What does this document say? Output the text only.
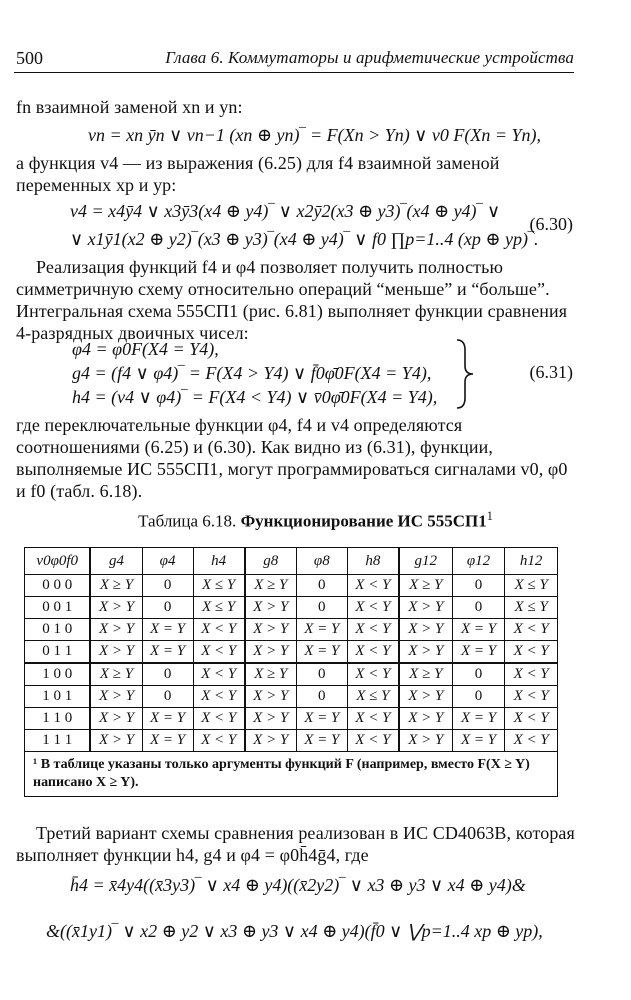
500	Глава 6. Коммутаторы и арифметические устройства
fn взаимной заменой xn и yn:
vn = xn ȳn ∨ vn−1 (xn ⊕ yn)‾ = F(Xn > Yn) ∨ v0 F(Xn = Yn),
а функция v4 — из выражения (6.25) для f4 взаимной заменой переменных xp и yp:
v4 = x4ȳ4 ∨ x3ȳ3(x4 ⊕ y4)‾ ∨ x2ȳ2(x3 ⊕ y3)‾(x4 ⊕ y4)‾ ∨
∨ x1ȳ1(x2 ⊕ y2)‾(x3 ⊕ y3)‾(x4 ⊕ y4)‾ ∨ f0 ∏p=1..4 (xp ⊕ yp)‾.
(6.30)
Реализация функций f4 и φ4 позволяет получить полностью симметричную схему относительно операций “меньше” и “больше”. Интегральная схема 555СП1 (рис. 6.81) выполняет функции сравнения 4-разрядных двоичных чисел:
φ4 = φ0F(X4 = Y4),
g4 = (f4 ∨ φ4)‾ = F(X4 > Y4) ∨ f̄0φ̄0F(X4 = Y4),
h4 = (v4 ∨ φ4)‾ = F(X4 < Y4) ∨ v̄0φ̄0F(X4 = Y4),
(6.31)
где переключательные функции φ4, f4 и v4 определяются соотношениями (6.25) и (6.30). Как видно из (6.31), функции, выполняемые ИС 555СП1, могут программироваться сигналами v0, φ0 и f0 (табл. 6.18).
Таблица 6.18. Функционирование ИС $555СП1^1$
v0φ0f0	g4	φ4	h4	g8	φ8	h8	g12	φ12	h12
0 0 0	X ≥ Y	0	X ≤ Y	X ≥ Y	0	X < Y	X ≥ Y	0	X ≤ Y
0 0 1	X > Y	0	X ≤ Y	X > Y	0	X < Y	X > Y	0	X ≤ Y
0 1 0	X > Y	X = Y	X < Y	X > Y	X = Y	X < Y	X > Y	X = Y	X < Y
0 1 1	X > Y	X = Y	X < Y	X > Y	X = Y	X < Y	X > Y	X = Y	X < Y
1 0 0	X ≥ Y	0	X < Y	X ≥ Y	0	X < Y	X ≥ Y	0	X < Y
1 0 1	X > Y	0	X < Y	X > Y	0	X ≤ Y	X > Y	0	X < Y
1 1 0	X > Y	X = Y	X < Y	X > Y	X = Y	X < Y	X > Y	X = Y	X < Y
1 1 1	X > Y	X = Y	X < Y	X > Y	X = Y	X < Y	X > Y	X = Y	X < Y
¹ В таблице указаны только аргументы функций F (например, вместо F(X ≥ Y) написано X ≥ Y).									
Третий вариант схемы сравнения реализован в ИС CD4063B, которая выполняет функции h4, g4 и φ4 = φ0h̄4ḡ4, где
h̄4 = x̄4y4((x̄3y3)‾ ∨ x4 ⊕ y4)((x̄2y2)‾ ∨ x3 ⊕ y3 ∨ x4 ⊕ y4)&
&((x̄1y1)‾ ∨ x2 ⊕ y2 ∨ x3 ⊕ y3 ∨ x4 ⊕ y4)(f̄0 ∨ ⋁p=1..4 xp ⊕ yp),
